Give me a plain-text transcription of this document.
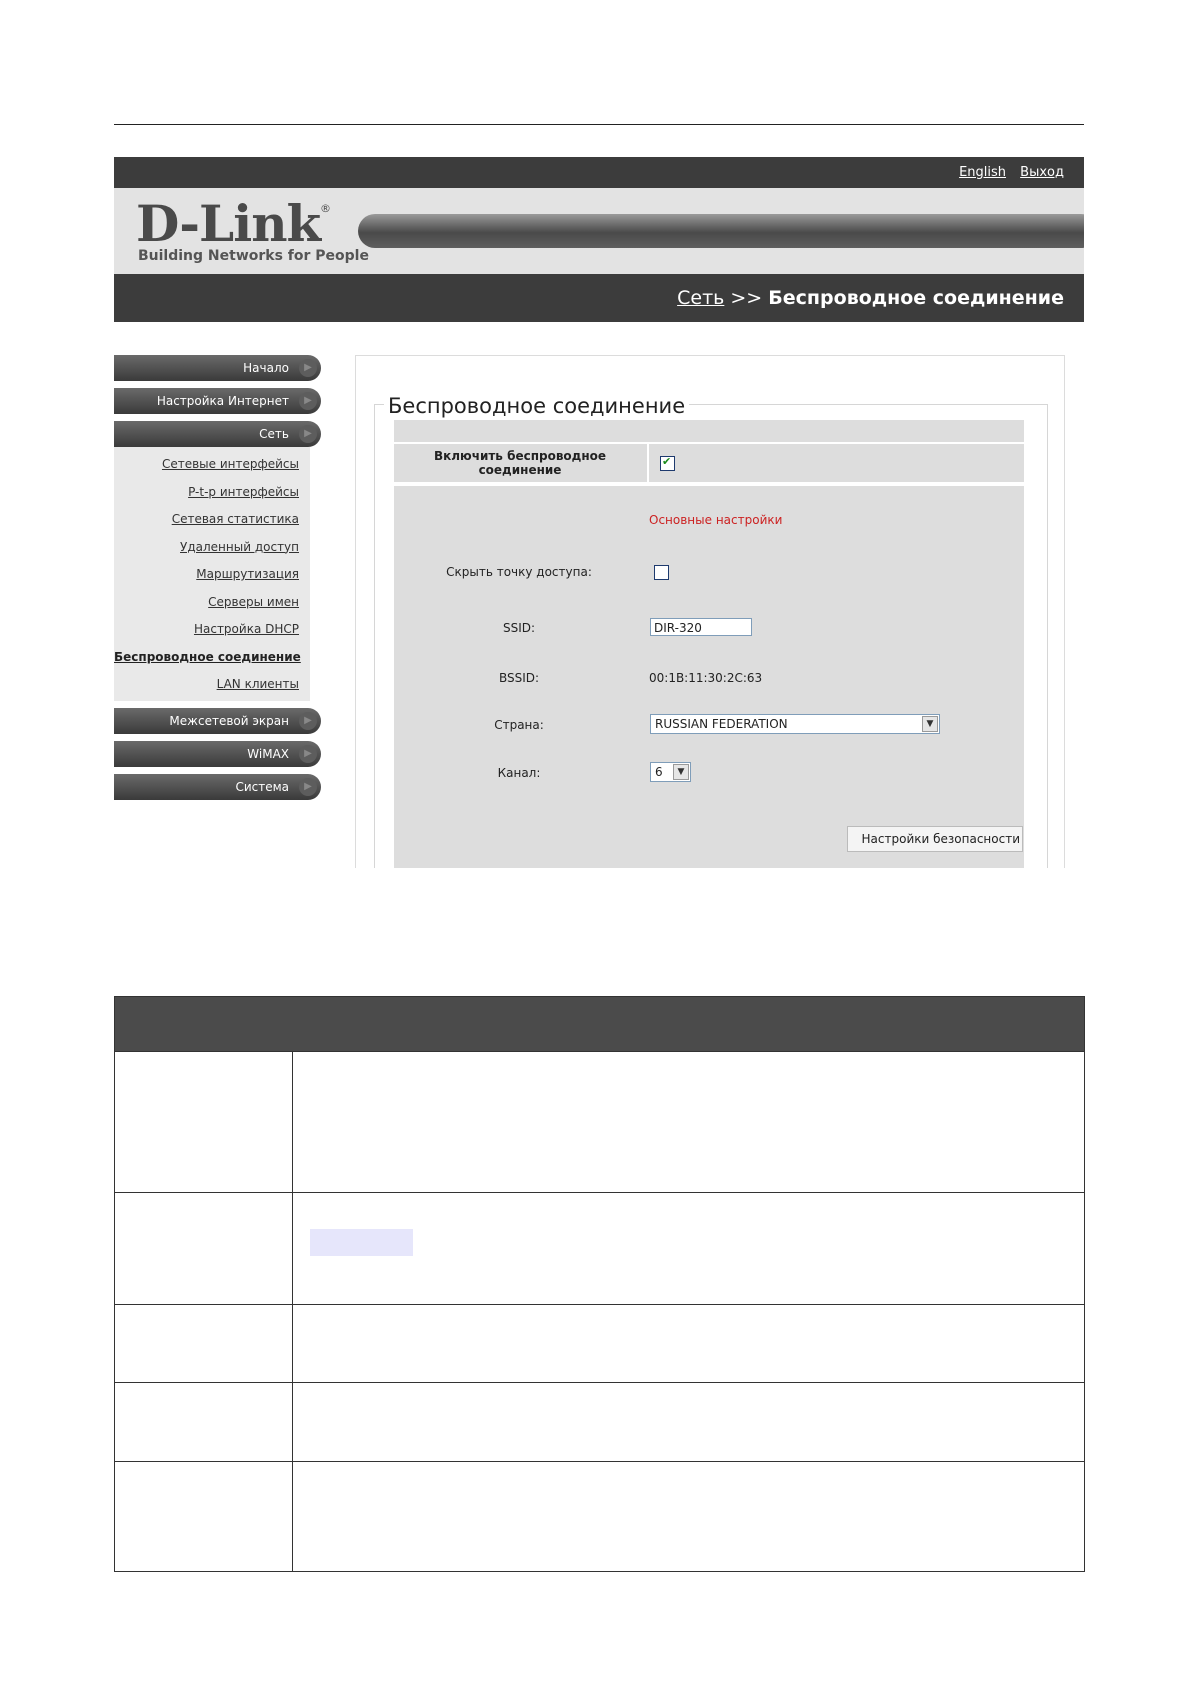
English Выход
D-Link ®
Building Networks for People
Сеть >> Беспроводное соединение
Начало	▶
Настройка Интернет	▶
Сеть	▶
Сетевые интерфейсы
P-t-p интерфейсы
Сетевая статистика
Удаленный доступ
Маршрутизация
Серверы имен
Настройка DHCP
Беспроводное соединение
LAN клиенты
Межсетевой экран	▶
WiMAX	▶
Система	▶
Беспроводное соединение
Включить беспроводное соединение
✔
Основные настройки
Скрыть точку доступа:
SSID:	DIR-320
BSSID:	00:1B:11:30:2C:63
Страна:	RUSSIAN FEDERATION	▼
Канал:	6	▼
Настройки безопасности
